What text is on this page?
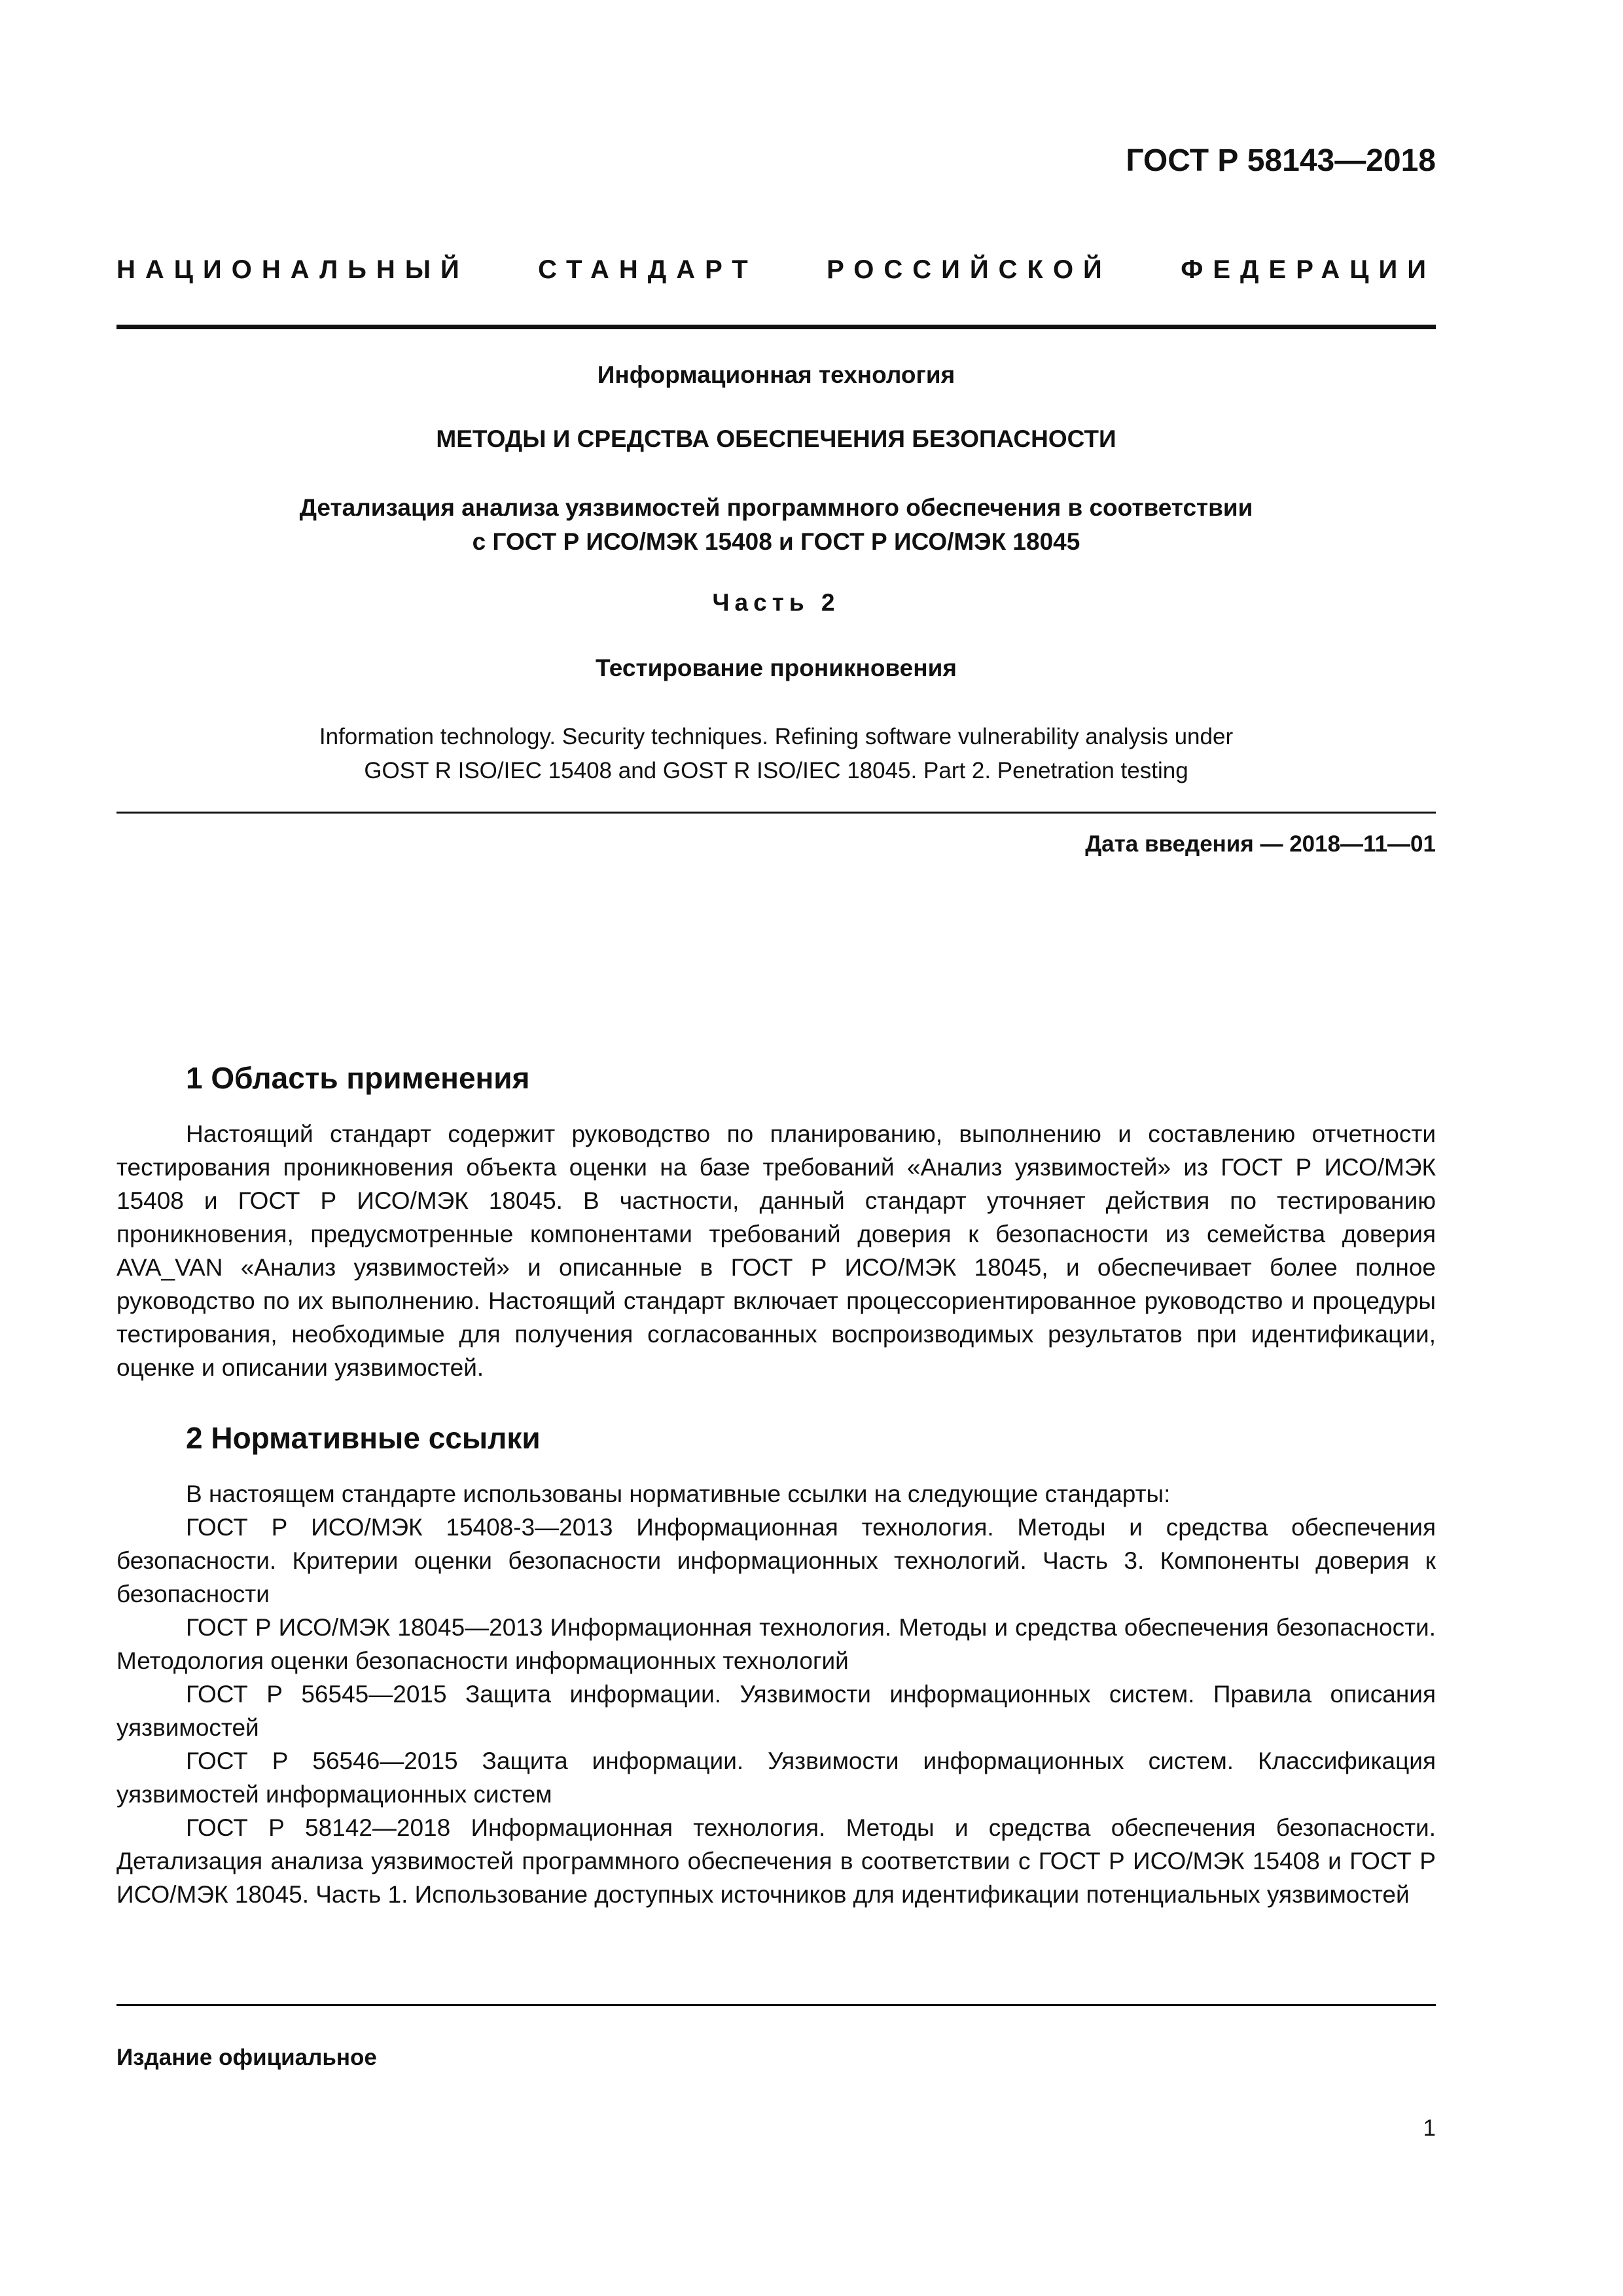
ГОСТ Р 58143—2018
НАЦИОНАЛЬНЫЙ СТАНДАРТ РОССИЙСКОЙ ФЕДЕРАЦИИ
Информационная технология
МЕТОДЫ И СРЕДСТВА ОБЕСПЕЧЕНИЯ БЕЗОПАСНОСТИ
Детализация анализа уязвимостей программного обеспечения в соответствии
с ГОСТ Р ИСО/МЭК 15408 и ГОСТ Р ИСО/МЭК 18045
Часть 2
Тестирование проникновения
Information technology. Security techniques. Refining software vulnerability analysis under
GOST R ISO/IEC 15408 and GOST R ISO/IEC 18045. Part 2. Penetration testing
Дата введения — 2018—11—01
1 Область применения

Настоящий стандарт содержит руководство по планированию, выполнению и составлению отчетности тестирования проникновения объекта оценки на базе требований «Анализ уязвимостей» из ГОСТ Р ИСО/МЭК 15408 и ГОСТ Р ИСО/МЭК 18045. В частности, данный стандарт уточняет действия по тестированию проникновения, предусмотренные компонентами требований доверия к безопасности из семейства доверия AVA_VAN «Анализ уязвимостей» и описанные в ГОСТ Р ИСО/МЭК 18045, и обеспечивает более полное руководство по их выполнению. Настоящий стандарт включает процессориентированное руководство и процедуры тестирования, необходимые для получения согласованных воспроизводимых результатов при идентификации, оценке и описании уязвимостей.

2 Нормативные ссылки

В настоящем стандарте использованы нормативные ссылки на следующие стандарты:

ГОСТ Р ИСО/МЭК 15408-3—2013 Информационная технология. Методы и средства обеспечения безопасности. Критерии оценки безопасности информационных технологий. Часть 3. Компоненты доверия к безопасности

ГОСТ Р ИСО/МЭК 18045—2013 Информационная технология. Методы и средства обеспечения безопасности. Методология оценки безопасности информационных технологий

ГОСТ Р 56545—2015 Защита информации. Уязвимости информационных систем. Правила описания уязвимостей

ГОСТ Р 56546—2015 Защита информации. Уязвимости информационных систем. Классификация уязвимостей информационных систем

ГОСТ Р 58142—2018 Информационная технология. Методы и средства обеспечения безопасности. Детализация анализа уязвимостей программного обеспечения в соответствии с ГОСТ Р ИСО/МЭК 15408 и ГОСТ Р ИСО/МЭК 18045. Часть 1. Использование доступных источников для идентификации потенциальных уязвимостей

Издание официальное
1
